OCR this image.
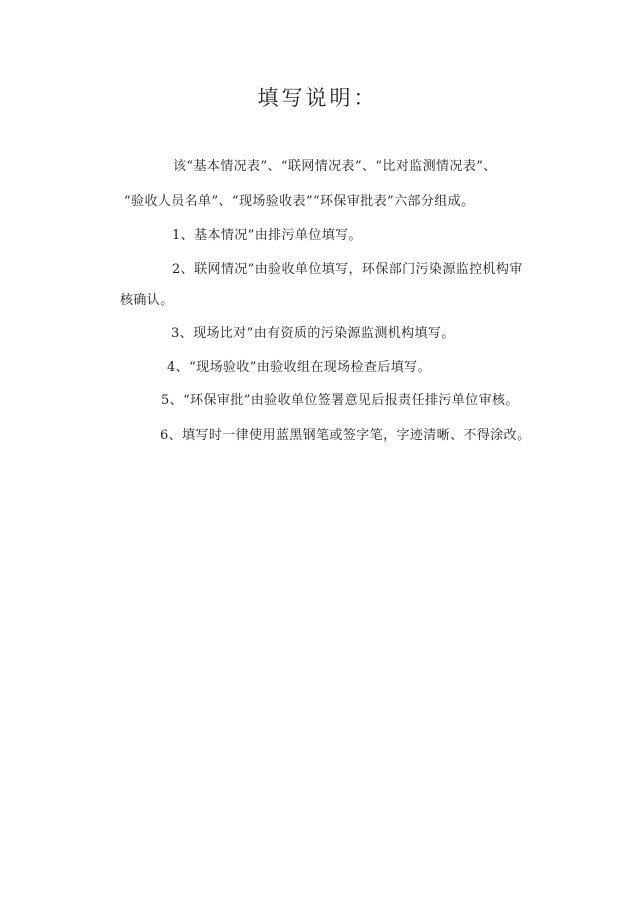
填写说明：
该“基本情况表”、“联网情况表”、“比对监测情况表”、
“验收人员名单”、“现场验收表”“环保审批表”六部分组成。
1、基本情况”由排污单位填写。
2、联网情况”由验收单位填写，环保部门污染源监控机构审
核确认。
3、现场比对”由有资质的污染源监测机构填写。
4、“现场验收”由验收组在现场检查后填写。
5、“环保审批”由验收单位签署意见后报责任排污单位审核。
6、填写时一律使用蓝黑钢笔或签字笔，字迹清晰、不得涂改。
